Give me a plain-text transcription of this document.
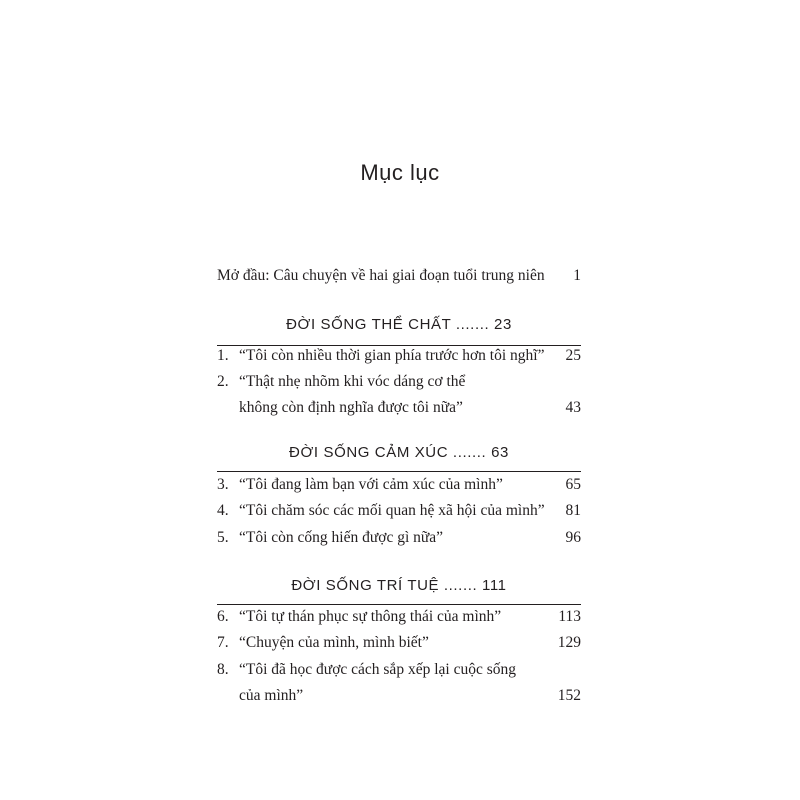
Mục lục
Mở đầu: Câu chuyện về hai giai đoạn tuổi trung niên 1
ĐỜI SỐNG THỂ CHẤT ....... 23
1. “Tôi còn nhiều thời gian phía trước hơn tôi nghĩ” 25
2. “Thật nhẹ nhõm khi vóc dáng cơ thể
không còn định nghĩa được tôi nữa”	43
ĐỜI SỐNG CẢM XÚC ....... 63
3. “Tôi đang làm bạn với cảm xúc của mình”	65
4. “Tôi chăm sóc các mối quan hệ xã hội của mình” 81
5. “Tôi còn cống hiến được gì nữa”	96
ĐỜI SỐNG TRÍ TUỆ ....... 111
6. “Tôi tự thán phục sự thông thái của mình”	113
7. “Chuyện của mình, mình biết”	129
8. “Tôi đã học được cách sắp xếp lại cuộc sống
của mình”	152
